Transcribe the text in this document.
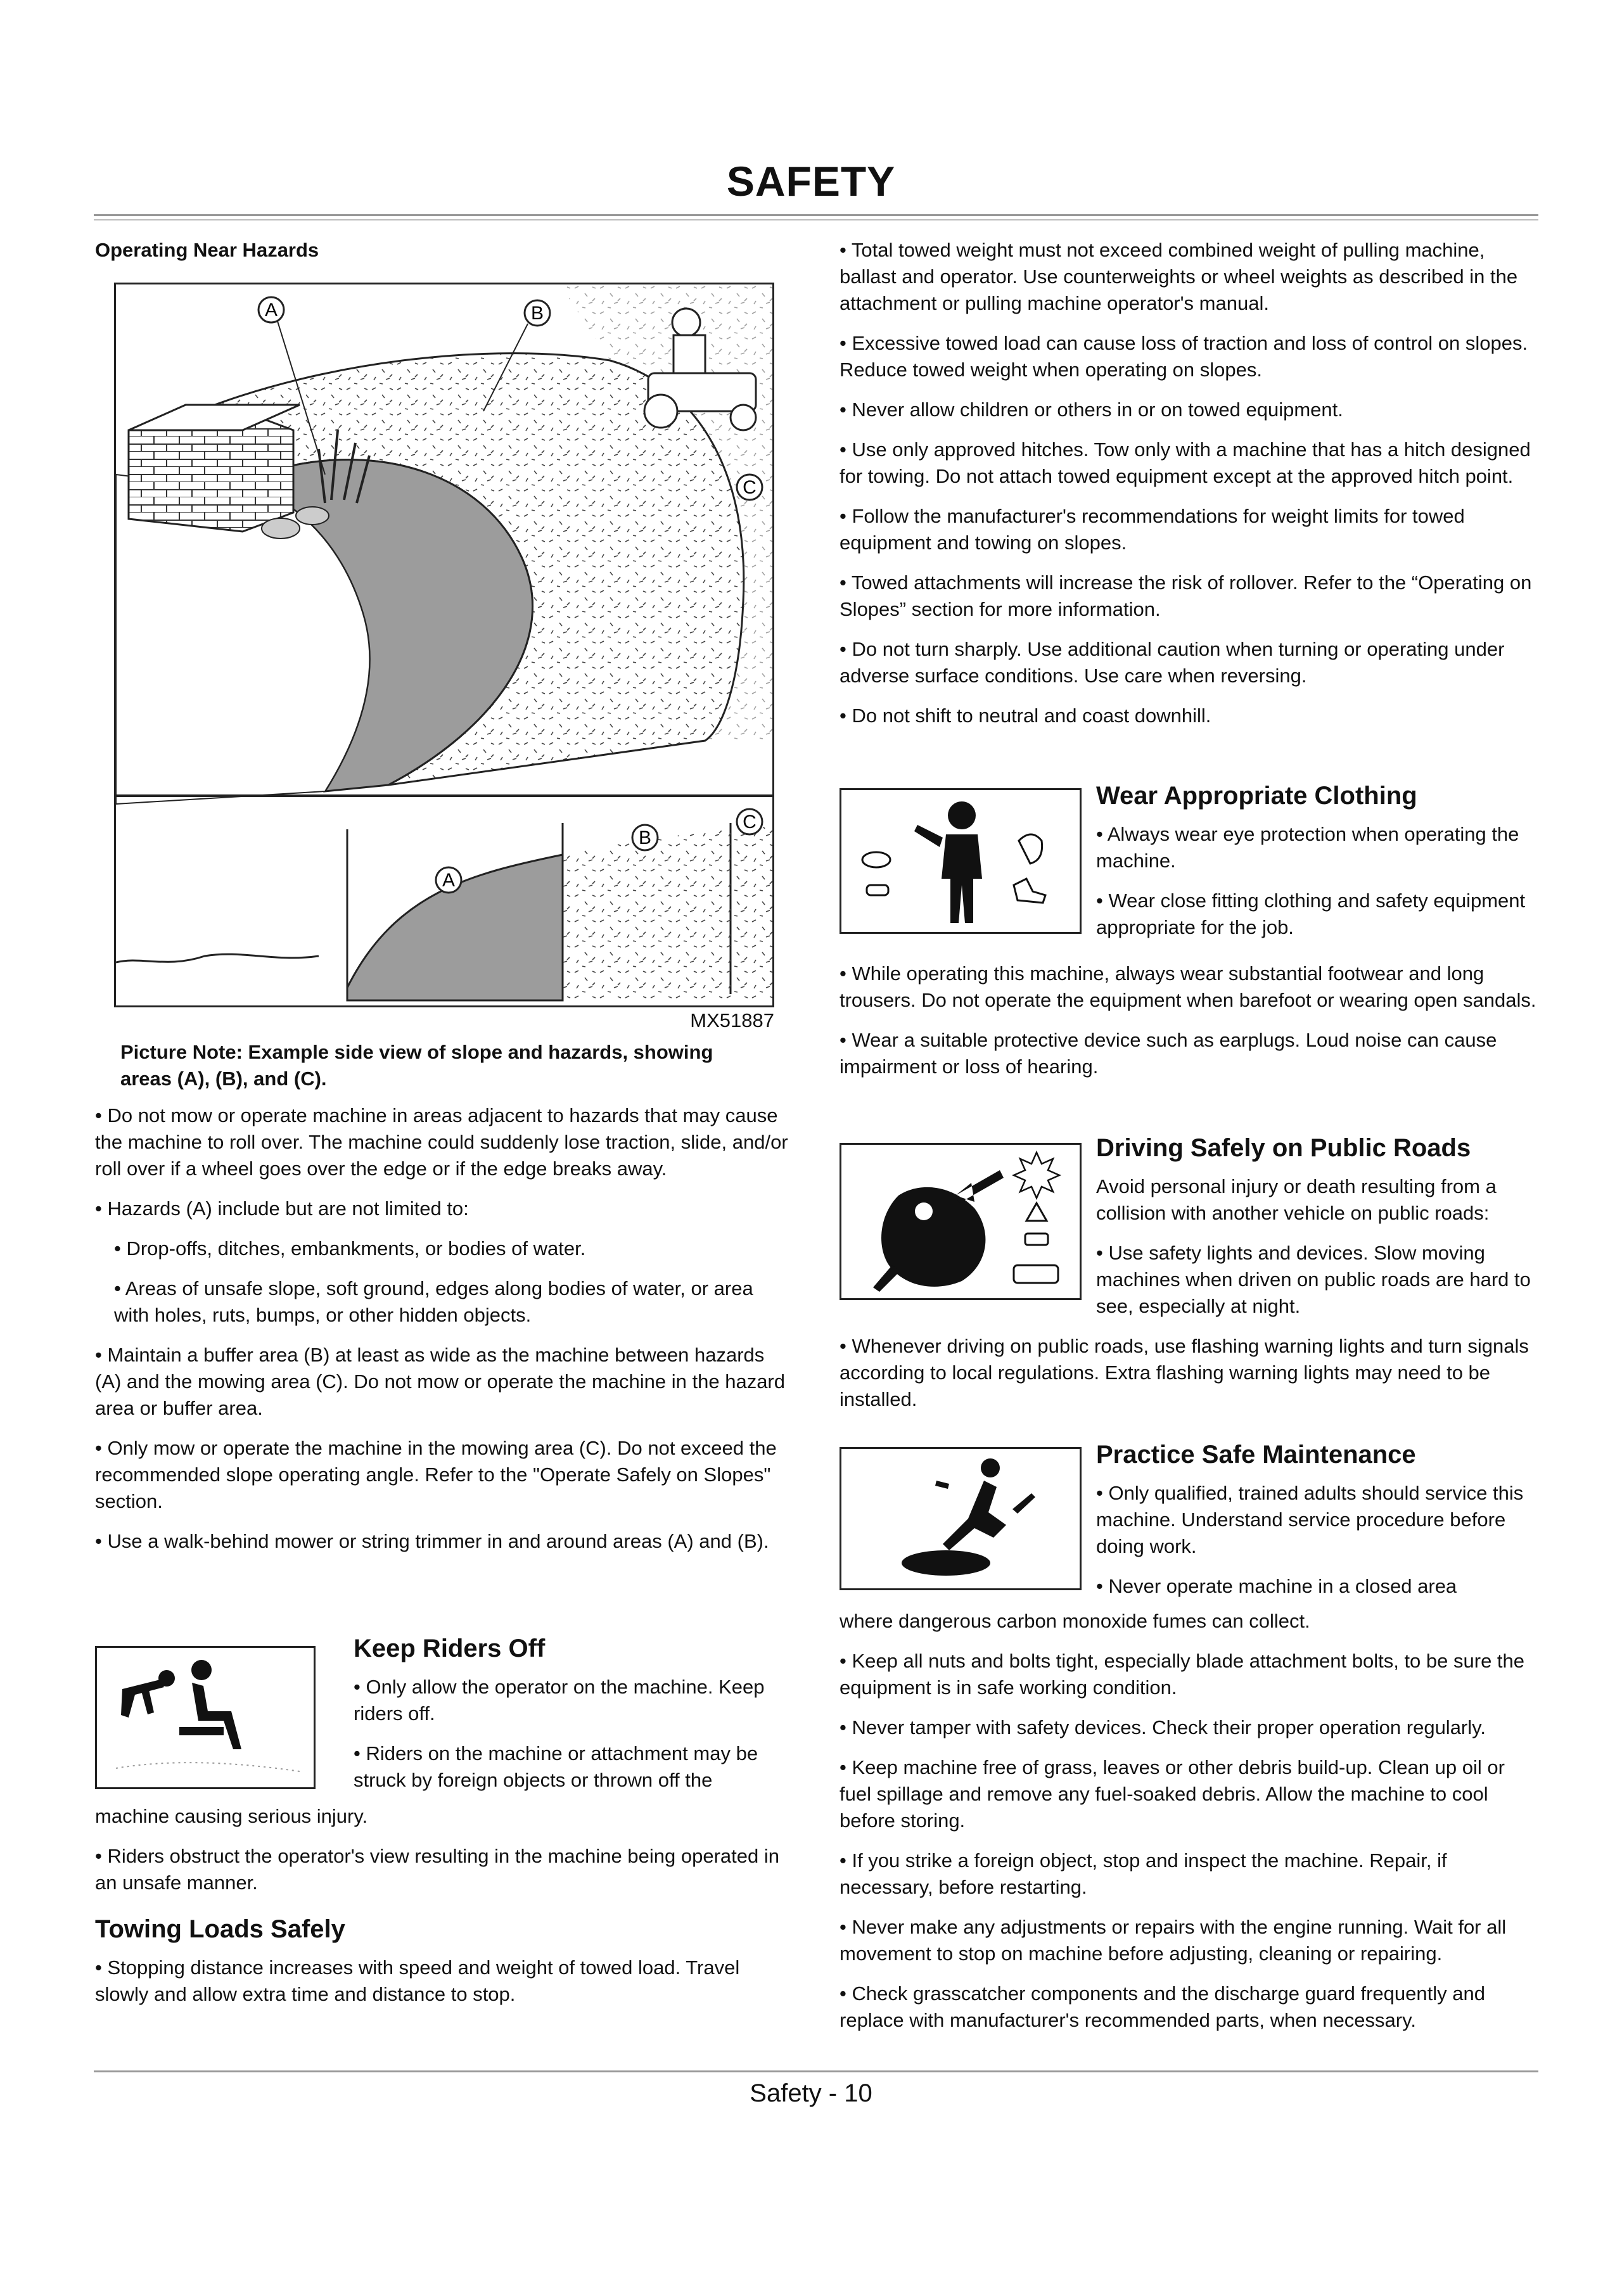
SAFETY

Operating Near Hazards

A	B
C
A
B
C
MX51887

Picture Note: Example side view of slope and hazards, showing

areas (A), (B), and (C).

• Do not mow or operate machine in areas adjacent to hazards that may cause the machine to roll over. The machine could suddenly lose traction, slide, and/or roll over if a wheel goes over the edge or if the edge breaks away.

• Hazards (A) include but are not limited to:

• Drop-offs, ditches, embankments, or bodies of water.

• Areas of unsafe slope, soft ground, edges along bodies of water, or area with holes, ruts, bumps, or other hidden objects.

• Maintain a buffer area (B) at least as wide as the machine between hazards (A) and the mowing area (C). Do not mow or operate the machine in the hazard area or buffer area.

• Only mow or operate the machine in the mowing area (C). Do not exceed the recommended slope operating angle. Refer to the "Operate Safely on Slopes" section.

• Use a walk-behind mower or string trimmer in and around areas (A) and (B).

Keep Riders Off

• Only allow the operator on the machine. Keep riders off.

• Riders on the machine or attachment may be

struck by foreign objects or thrown off the

machine causing serious injury.

• Riders obstruct the operator's view resulting in the machine being operated in an unsafe manner.

Towing Loads Safely

• Stopping distance increases with speed and weight of towed load. Travel slowly and allow extra time and distance to stop.

• Total towed weight must not exceed combined weight of pulling machine, ballast and operator. Use counterweights or wheel weights as described in the attachment or pulling machine operator's manual.

• Excessive towed load can cause loss of traction and loss of control on slopes. Reduce towed weight when operating on slopes.

• Never allow children or others in or on towed equipment.

• Use only approved hitches. Tow only with a machine that has a hitch designed for towing. Do not attach towed equipment except at the approved hitch point.

• Follow the manufacturer's recommendations for weight limits for towed equipment and towing on slopes.

• Towed attachments will increase the risk of rollover. Refer to the “Operating on Slopes” section for more information.

• Do not turn sharply. Use additional caution when turning or operating under adverse surface conditions. Use care when reversing.

• Do not shift to neutral and coast downhill.

Wear Appropriate Clothing

• Always wear eye protection when operating the machine.

• Wear close fitting clothing and safety equipment appropriate for the job.

• While operating this machine, always wear substantial footwear and long trousers. Do not operate the equipment when barefoot or wearing open sandals.

• Wear a suitable protective device such as earplugs. Loud noise can cause impairment or loss of hearing.

Driving Safely on Public Roads

Avoid personal injury or death resulting from a collision with another vehicle on public roads:

• Use safety lights and devices. Slow moving machines when driven on public roads are hard to see, especially at night.

• Whenever driving on public roads, use flashing warning lights and turn signals according to local regulations. Extra flashing warning lights may need to be installed.

Practice Safe Maintenance

• Only qualified, trained adults should service this machine. Understand service procedure before doing work.

• Never operate machine in a closed area

where dangerous carbon monoxide fumes can collect.

• Keep all nuts and bolts tight, especially blade attachment bolts, to be sure the equipment is in safe working condition.

• Never tamper with safety devices. Check their proper operation regularly.

• Keep machine free of grass, leaves or other debris build-up. Clean up oil or fuel spillage and remove any fuel-soaked debris. Allow the machine to cool before storing.

• If you strike a foreign object, stop and inspect the machine. Repair, if necessary, before restarting.

• Never make any adjustments or repairs with the engine running. Wait for all movement to stop on machine before adjusting, cleaning or repairing.

• Check grasscatcher components and the discharge guard frequently and replace with manufacturer's recommended parts, when necessary.

Safety - 10
